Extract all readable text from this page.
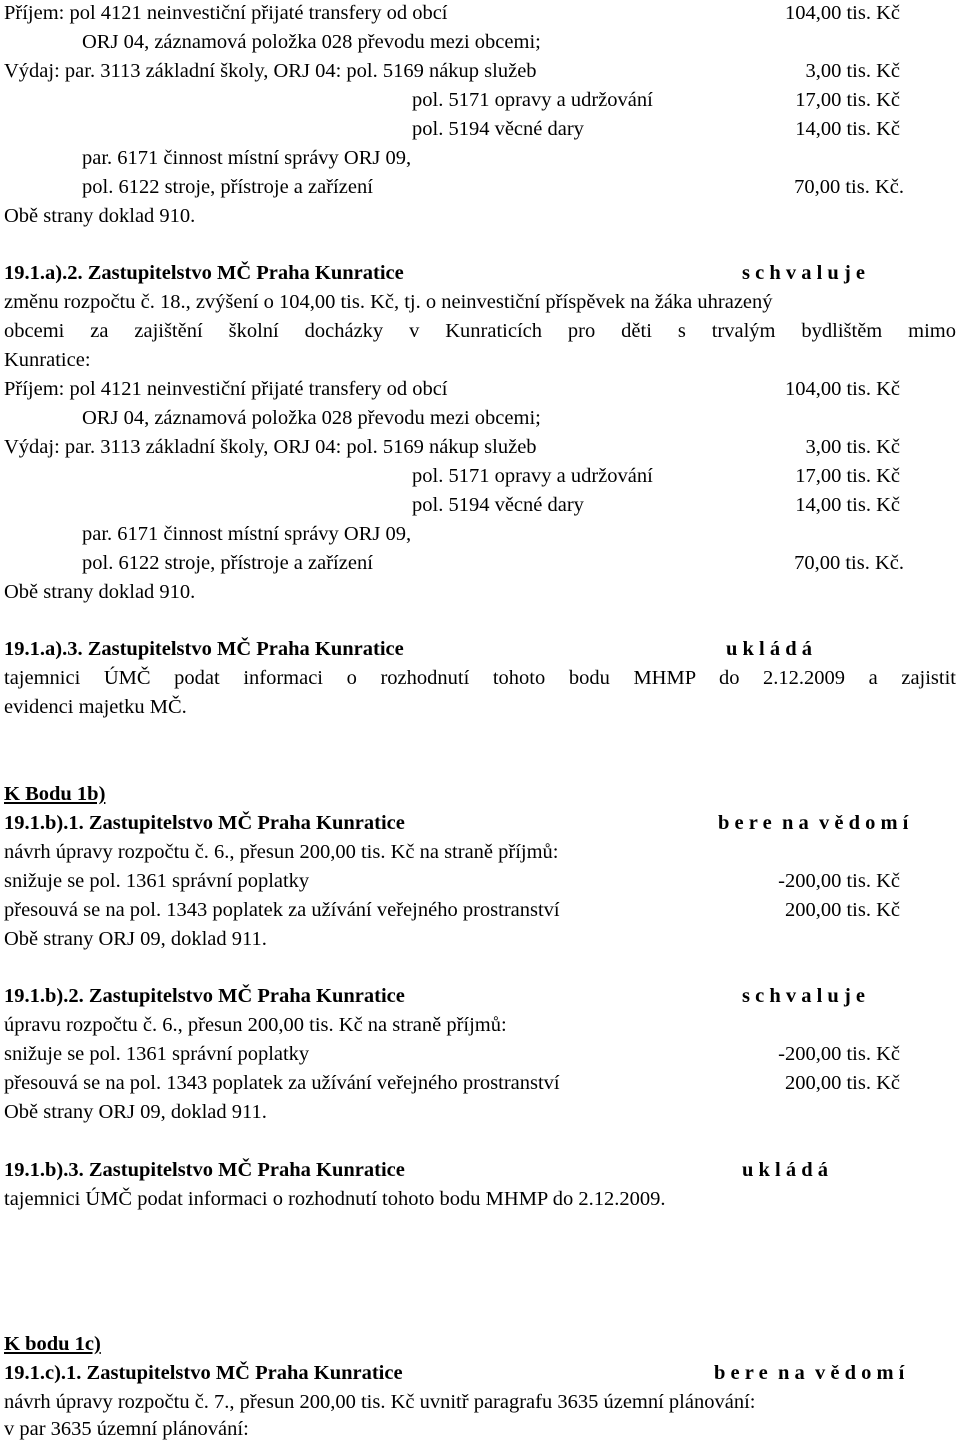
Příjem: pol 4121 neinvestiční přijaté transfery od obcí	104,00 tis. Kč
ORJ 04, záznamová položka 028 převodu mezi obcemi;
Výdaj: par. 3113 základní školy, ORJ 04: pol. 5169 nákup služeb	3,00 tis. Kč
pol. 5171 opravy a udržování	17,00 tis. Kč
pol. 5194 věcné dary	14,00 tis. Kč
par. 6171 činnost místní správy ORJ 09,
pol. 6122 stroje, přístroje a zařízení	70,00 tis. Kč.
Obě strany doklad 910.
19.1.a).2. Zastupitelstvo MČ Praha Kunratice	s c h v a l u j e
změnu rozpočtu č. 18., zvýšení o 104,00 tis. Kč, tj. o neinvestiční příspěvek na žáka uhrazený
obcemi za zajištění školní docházky v Kunraticích pro děti s trvalým bydlištěm mimo
Kunratice:
Příjem: pol 4121 neinvestiční přijaté transfery od obcí	104,00 tis. Kč
ORJ 04, záznamová položka 028 převodu mezi obcemi;
Výdaj: par. 3113 základní školy, ORJ 04: pol. 5169 nákup služeb	3,00 tis. Kč
pol. 5171 opravy a udržování	17,00 tis. Kč
pol. 5194 věcné dary	14,00 tis. Kč
par. 6171 činnost místní správy ORJ 09,
pol. 6122 stroje, přístroje a zařízení	70,00 tis. Kč.
Obě strany doklad 910.
19.1.a).3. Zastupitelstvo MČ Praha Kunratice	u k l á d á
tajemnici ÚMČ podat informaci o rozhodnutí tohoto bodu MHMP do 2.12.2009 a zajistit
evidenci majetku MČ.
K Bodu 1b)
19.1.b).1. Zastupitelstvo MČ Praha Kunratice	b e r e  n a  v ě d o m í
návrh úpravy rozpočtu č. 6., přesun 200,00 tis. Kč na straně příjmů:
snižuje se pol. 1361 správní poplatky	-200,00 tis. Kč
přesouvá se na pol. 1343 poplatek za užívání veřejného prostranství	200,00 tis. Kč
Obě strany ORJ 09, doklad 911.
19.1.b).2. Zastupitelstvo MČ Praha Kunratice	s c h v a l u j e
úpravu rozpočtu č. 6., přesun 200,00 tis. Kč na straně příjmů:
snižuje se pol. 1361 správní poplatky	-200,00 tis. Kč
přesouvá se na pol. 1343 poplatek za užívání veřejného prostranství	200,00 tis. Kč
Obě strany ORJ 09, doklad 911.
19.1.b).3. Zastupitelstvo MČ Praha Kunratice	u k l á d á
tajemnici ÚMČ podat informaci o rozhodnutí tohoto bodu MHMP do 2.12.2009.
K bodu 1c)
19.1.c).1. Zastupitelstvo MČ Praha Kunratice	b e r e  n a  v ě d o m í
návrh úpravy rozpočtu č. 7., přesun 200,00 tis. Kč uvnitř paragrafu 3635 územní plánování:
v par 3635 územní plánování:
